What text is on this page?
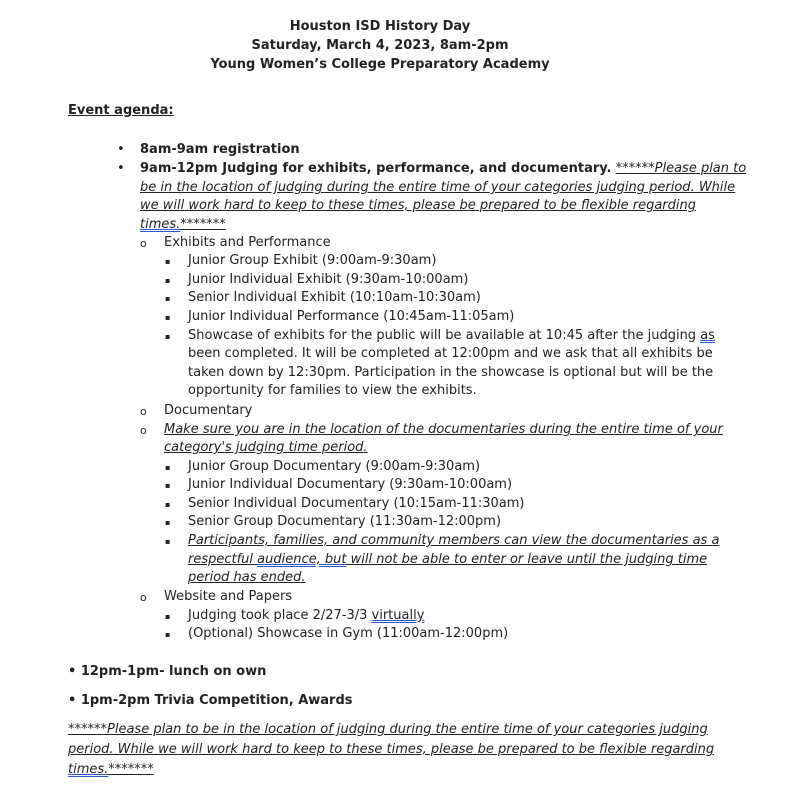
Houston ISD History Day
Saturday, March 4, 2023, 8am-2pm
Young Women’s College Preparatory Academy
Event agenda:
• 8am-9am registration
• 9am-12pm Judging for exhibits, performance, and documentary. ******Please plan to
be in the location of judging during the entire time of your categories judging period. While
we will work hard to keep to these times, please be prepared to be flexible regarding
times.*******
o Exhibits and Performance
▪ Junior Group Exhibit (9:00am-9:30am)
▪ Junior Individual Exhibit (9:30am-10:00am)
▪ Senior Individual Exhibit (10:10am-10:30am)
▪ Junior Individual Performance (10:45am-11:05am)
▪ Showcase of exhibits for the public will be available at 10:45 after the judging as
been completed. It will be completed at 12:00pm and we ask that all exhibits be
taken down by 12:30pm. Participation in the showcase is optional but will be the
opportunity for families to view the exhibits.
o Documentary
o Make sure you are in the location of the documentaries during the entire time of your
category's judging time period.
▪ Junior Group Documentary (9:00am-9:30am)
▪ Junior Individual Documentary (9:30am-10:00am)
▪ Senior Individual Documentary (10:15am-11:30am)
▪ Senior Group Documentary (11:30am-12:00pm)
▪ Participants, families, and community members can view the documentaries as a
respectful audience, but will not be able to enter or leave until the judging time
period has ended.
o Website and Papers
▪ Judging took place 2/27-3/3 virtually
▪ (Optional) Showcase in Gym (11:00am-12:00pm)
• 12pm-1pm- lunch on own
• 1pm-2pm Trivia Competition, Awards
******Please plan to be in the location of judging during the entire time of your categories judging
period. While we will work hard to keep to these times, please be prepared to be flexible regarding
times.*******
